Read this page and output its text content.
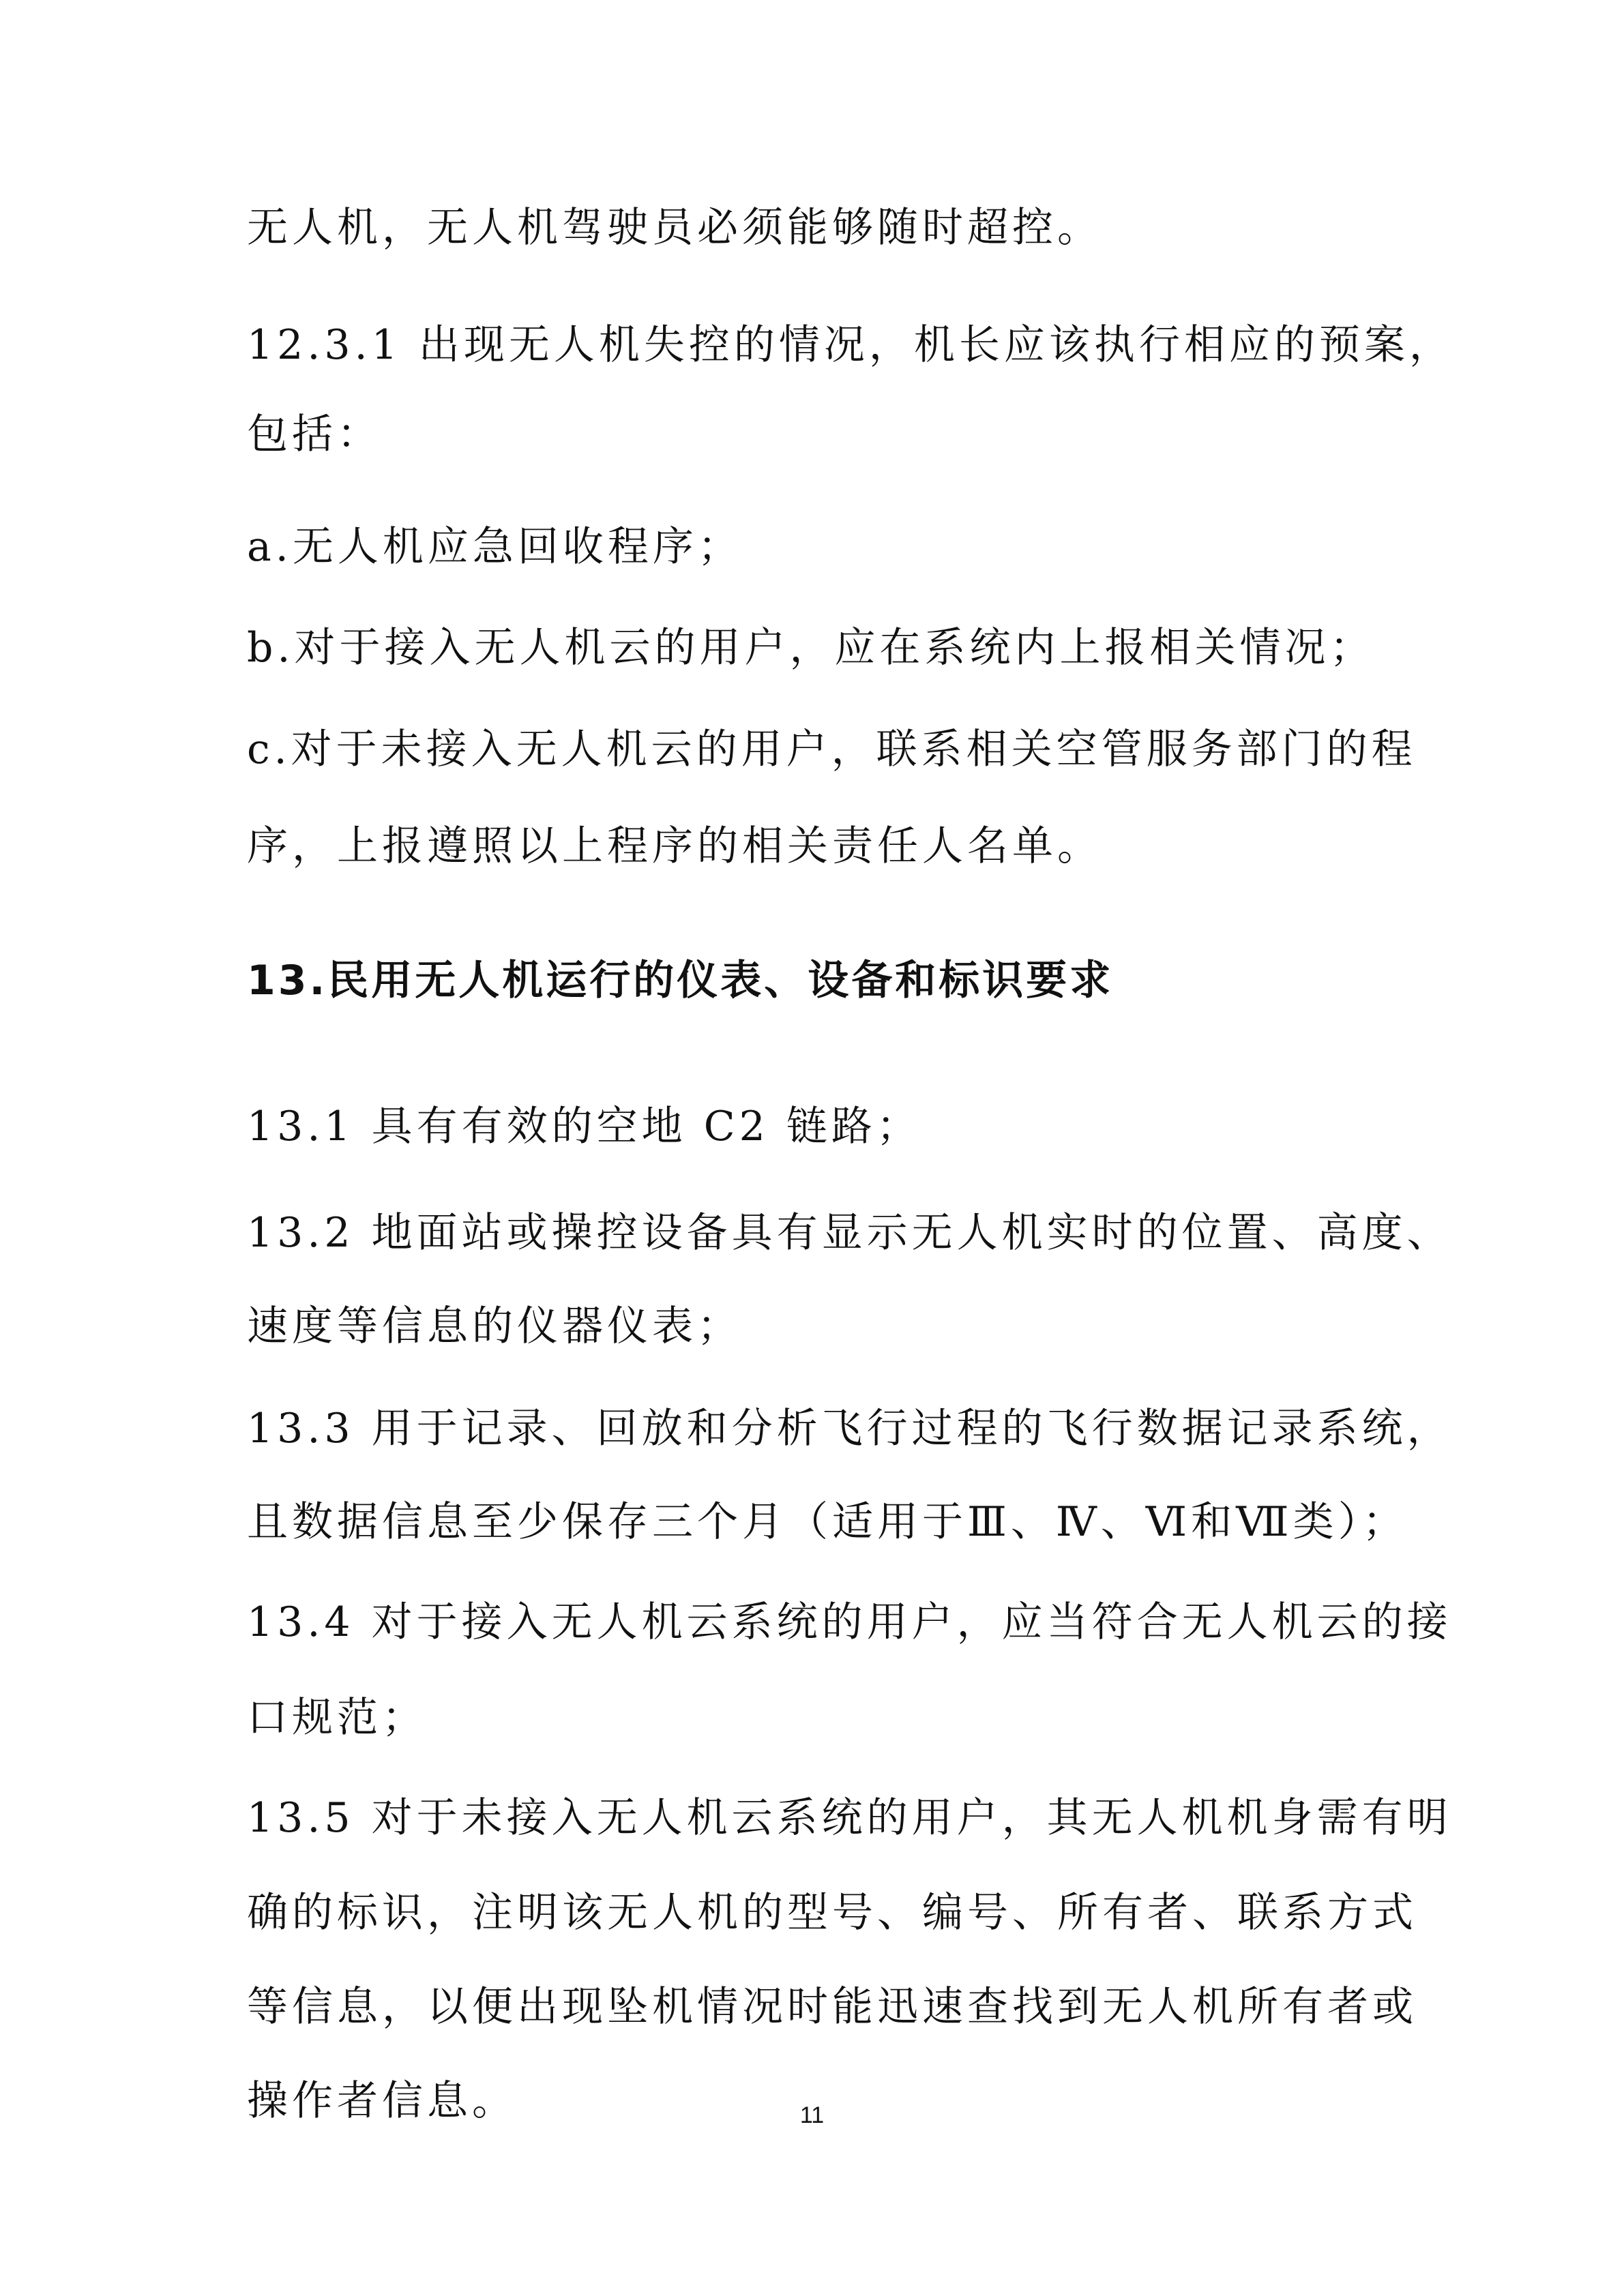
无人机，无人机驾驶员必须能够随时超控。
12.3.1 出现无人机失控的情况，机长应该执行相应的预案，
包括：
a.无人机应急回收程序；
b.对于接入无人机云的用户，应在系统内上报相关情况；
c.对于未接入无人机云的用户，联系相关空管服务部门的程
序，上报遵照以上程序的相关责任人名单。
13.民用无人机运行的仪表、设备和标识要求
13.1 具有有效的空地 C2 链路；
13.2 地面站或操控设备具有显示无人机实时的位置、高度、
速度等信息的仪器仪表；
13.3 用于记录、回放和分析飞行过程的飞行数据记录系统，
且数据信息至少保存三个月（适用于Ⅲ、Ⅳ、Ⅵ和Ⅶ类）；
13.4 对于接入无人机云系统的用户，应当符合无人机云的接
口规范；
13.5 对于未接入无人机云系统的用户，其无人机机身需有明
确的标识，注明该无人机的型号、编号、所有者、联系方式
等信息，以便出现坠机情况时能迅速查找到无人机所有者或
操作者信息。	11
